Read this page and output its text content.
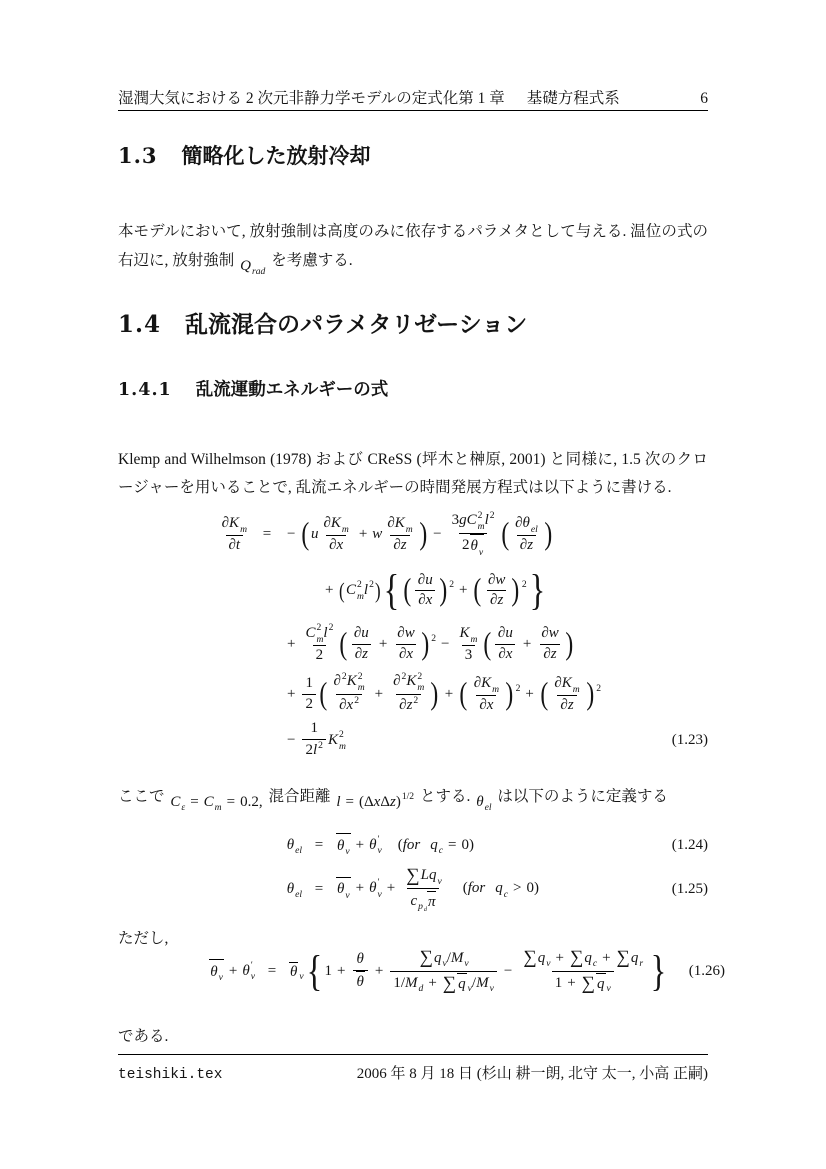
湿潤大気における 2 次元非静力学モデルの定式化第 1 章 基礎方程式系	6
1.3 簡略化した放射冷却

本モデルにおいて, 放射強制は高度のみに依存するパラメタとして与える. 温位の式の右辺に, 放射強制 Q rad
を考慮する.

1.4 乱流混合のパラメタリゼーション
1.4.1 乱流運動エネルギーの式

Klemp and Wilhelmson (1978) および CReSS (坪木と榊原, 2001) と同様に, 1.5 次のクロージャーを用いることで, 乱流エネルギーの時間発展方程式は以下ように書ける.

∂K m
∂t
=	− ( u
∂K m
∂x
+ w
∂K m
∂z ) − 3 g C 2
m l 2
2 θ v ( ∂θ el
∂z )
+ ( C 2
m l 2 ) { ( ∂u
∂x ) 2 + ( ∂w
∂z ) 2 }
+ C 2
m l 2
2 ( ∂u
∂z
+ $\frac{\partial w}{\partial x}$ ) $2 - \frac{\text{K m}}{3}$ ( ∂u
∂x
+ $\frac{\partial w}{\partial z}$ )
+ $\frac{1}{2}$ ( ∂ 2 K 2
m
∂x 2 + ∂ 2 K 2
m
∂z 2 ) + ( ∂K m
∂x ) 2 + ( ∂K m
∂z ) 2
− $\frac{1}{2 l 2}$ K 2
m	(1.23)

ここで C ε = C m = 0.2, 混合距離 l = (Δ x Δ z ) 1/2 とする. θ el
は以下のように定義する

θ el = θ v + θ ′
v ( for q c = 0 )	(1.24)
θ el = θ v + θ ′
v +
∑ L q v
c p d
π
( for q c > 0 )	(1.25)

ただし,

θ v + θ ′
v = θ v { $1 + \frac{\theta}{\theta} + \frac{\text{∑ q v / M v}}{\text{1 / M d + ∑ q v / M v}} - \frac{\text{∑ q v + ∑ q c + ∑ q r}}{\text{1 + ∑ q v}}$ }	(1.26)

である.

teishiki.tex	2006 年 8 月 18 日 (杉山 耕一朗, 北守 太一, 小高 正嗣)
